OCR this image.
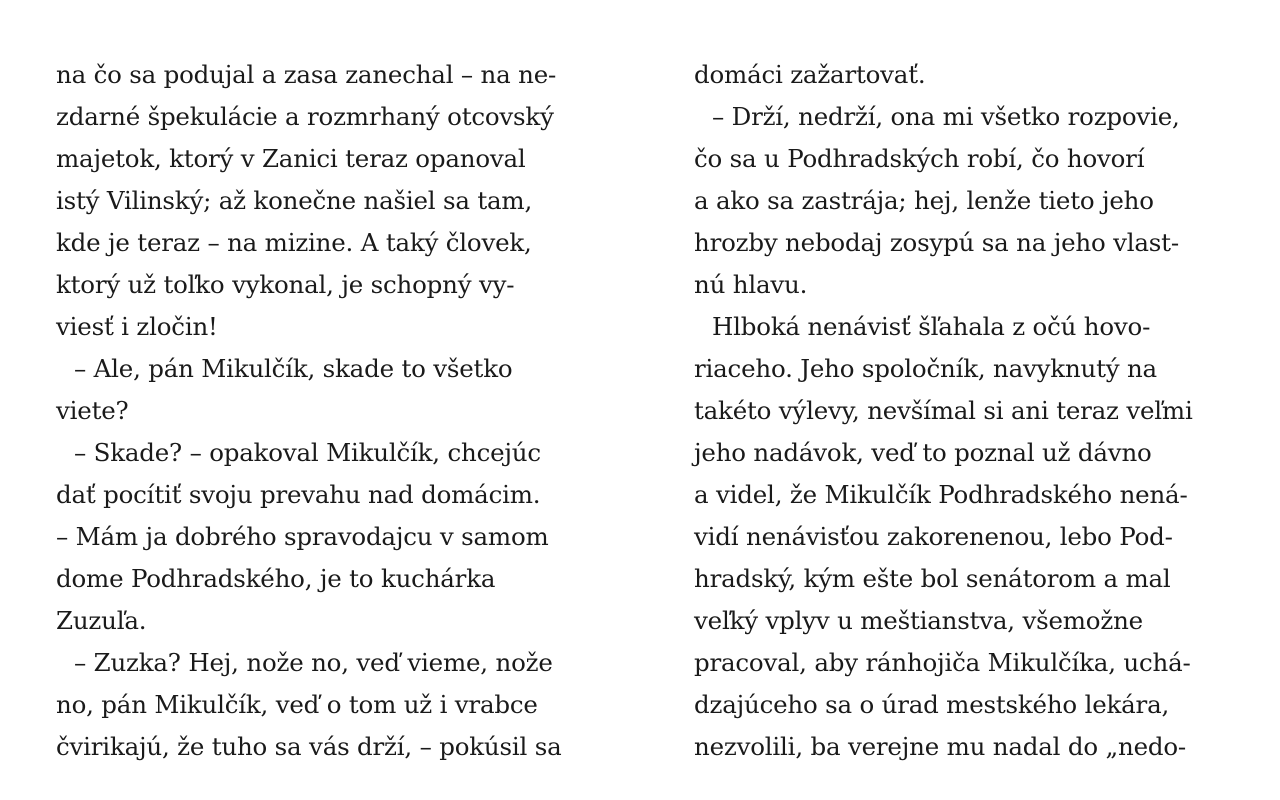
na čo sa podujal a zasa zanechal – na ne-
zdarné špekulácie a rozmrhaný otcovský
majetok, ktorý v Zanici teraz opanoval
istý Vilinský; až konečne našiel sa tam,
kde je teraz – na mizine. A taký človek,
ktorý už toľko vykonal, je schopný vy-
viesť i zločin!
– Ale, pán Mikulčík, skade to všetko
viete?
– Skade? – opakoval Mikulčík, chcejúc
dať pocítiť svoju prevahu nad domácim.
– Mám ja dobrého spravodajcu v samom
dome Podhradského, je to kuchárka
Zuzuľa.
– Zuzka? Hej, nože no, veď vieme, nože
no, pán Mikulčík, veď o tom už i vrabce
čvirikajú, že tuho sa vás drží, – pokúsil sa
domáci zažartovať.
– Drží, nedrží, ona mi všetko rozpovie,
čo sa u Podhradských robí, čo hovorí
a ako sa zastrája; hej, lenže tieto jeho
hrozby nebodaj zosypú sa na jeho vlast-
nú hlavu.
Hlboká nenávisť šľahala z očú hovo-
riaceho. Jeho spoločník, navyknutý na
takéto výlevy, nevšímal si ani teraz veľmi
jeho nadávok, veď to poznal už dávno
a videl, že Mikulčík Podhradského nená-
vidí nenávisťou zakorenenou, lebo Pod-
hradský, kým ešte bol senátorom a mal
veľký vplyv u meštianstva, všemožne
pracoval, aby ránhojiča Mikulčíka, uchá-
dzajúceho sa o úrad mestského lekára,
nezvolili, ba verejne mu nadal do „nedo-
